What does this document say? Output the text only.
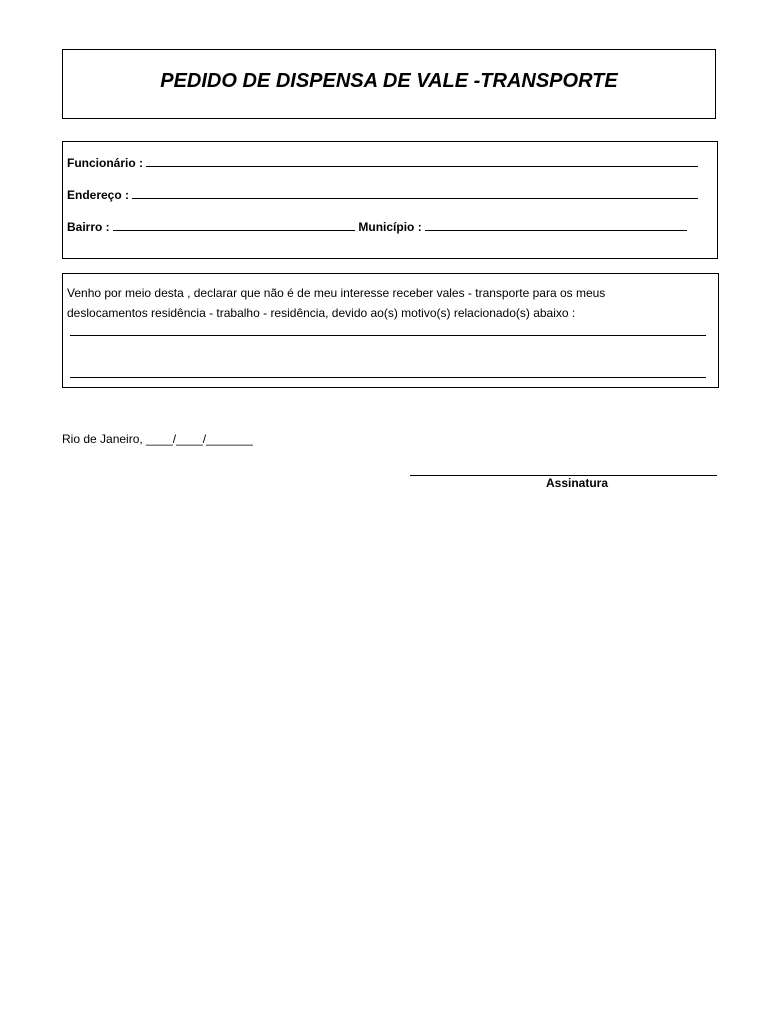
PEDIDO DE DISPENSA DE VALE -TRANSPORTE
Funcionário :
Endereço :
Bairro :	Município :
Venho por meio desta , declarar que não é de meu interesse receber vales - transporte para os meus
deslocamentos residência - trabalho - residência, devido ao(s) motivo(s) relacionado(s) abaixo :
Rio de Janeiro, ____/____/_______
Assinatura
